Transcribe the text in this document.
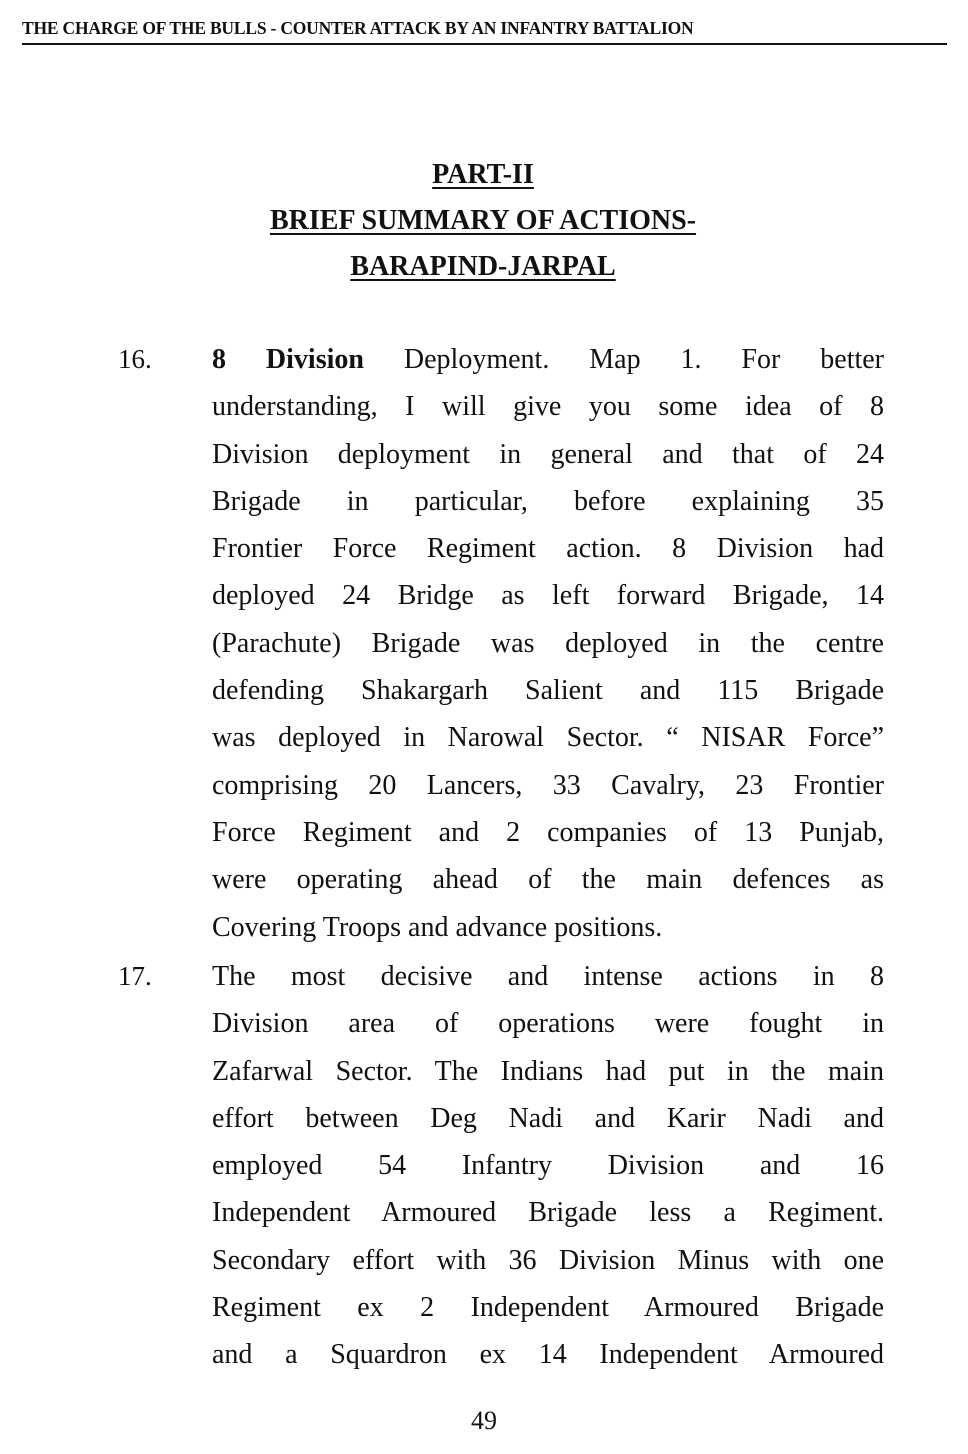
THE CHARGE OF THE BULLS - COUNTER ATTACK BY AN INFANTRY BATTALION
PART-II
BRIEF SUMMARY OF ACTIONS-
BARAPIND-JARPAL
16. 8 Division Deployment. Map 1. For better
understanding, I will give you some idea of 8
Division deployment in general and that of 24
Brigade in particular, before explaining 35
Frontier Force Regiment action. 8 Division had
deployed 24 Bridge as left forward Brigade, 14
(Parachute) Brigade was deployed in the centre
defending Shakargarh Salient and 115 Brigade
was deployed in Narowal Sector. “ NISAR Force”
comprising 20 Lancers, 33 Cavalry, 23 Frontier
Force Regiment and 2 companies of 13 Punjab,
were operating ahead of the main defences as
Covering Troops and advance positions.
17. The most decisive and intense actions in 8
Division area of operations were fought in
Zafarwal Sector. The Indians had put in the main
effort between Deg Nadi and Karir Nadi and
employed 54 Infantry Division and 16
Independent Armoured Brigade less a Regiment.
Secondary effort with 36 Division Minus with one
Regiment ex 2 Independent Armoured Brigade
and a Squardron ex 14 Independent Armoured
49
